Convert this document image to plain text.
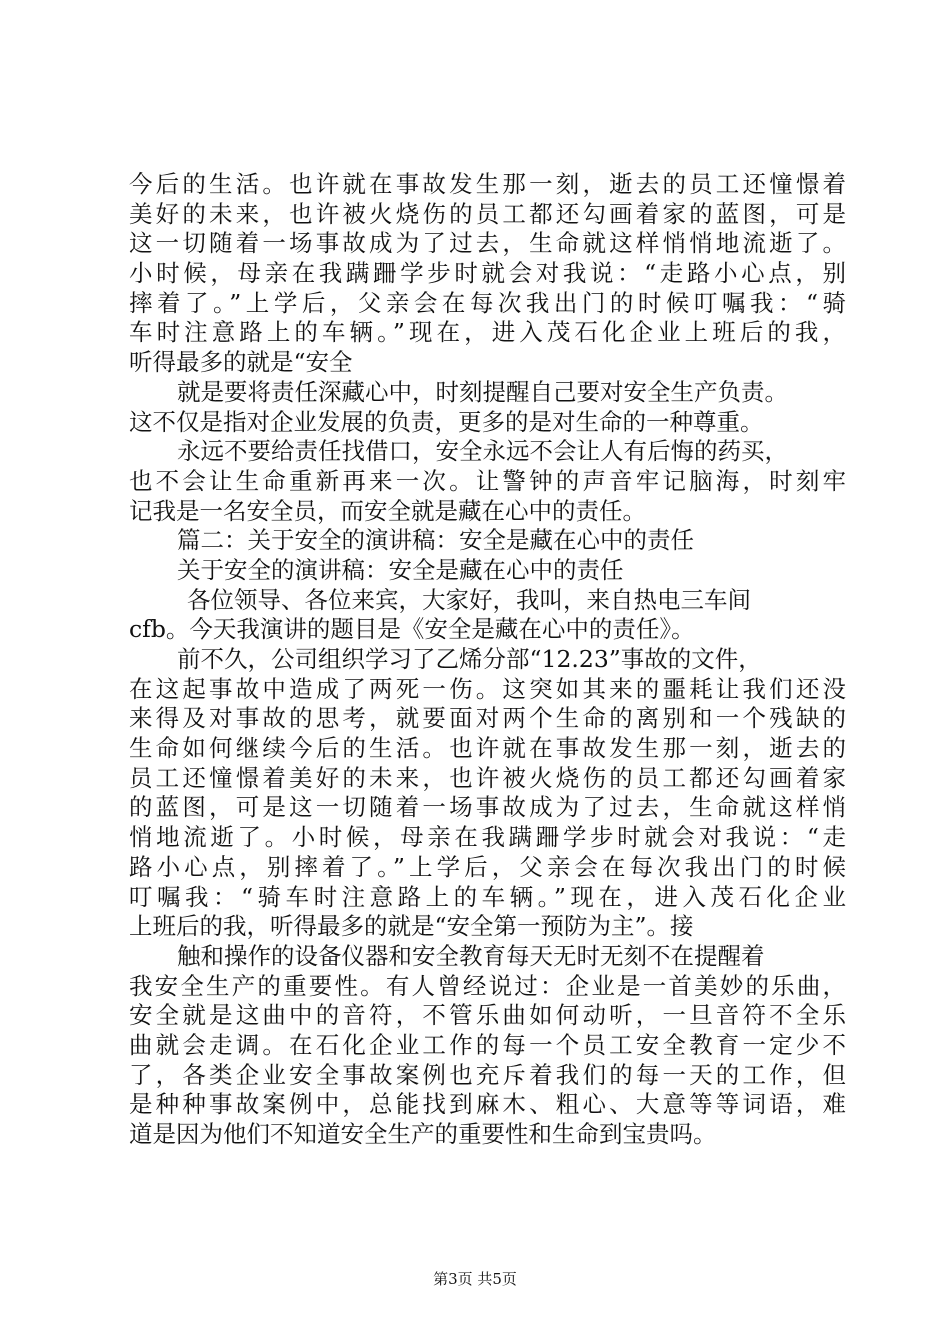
今后的生活。也许就在事故发生那一刻，逝去的员工还憧憬着
美好的未来，也许被火烧伤的员工都还勾画着家的蓝图，可是
这一切随着一场事故成为了过去，生命就这样悄悄地流逝了。
小时候，母亲在我蹒跚学步时就会对我说：“走路小心点，别
摔着了。”上学后，父亲会在每次我出门的时候叮嘱我：“骑
车时注意路上的车辆。”现在，进入茂石化企业上班后的我，
听得最多的就是“安全
就是要将责任深藏心中，时刻提醒自己要对安全生产负责。
这不仅是指对企业发展的负责，更多的是对生命的一种尊重。
永远不要给责任找借口，安全永远不会让人有后悔的药买，
也不会让生命重新再来一次。让警钟的声音牢记脑海，时刻牢
记我是一名安全员，而安全就是藏在心中的责任。
篇二：关于安全的演讲稿：安全是藏在心中的责任
关于安全的演讲稿：安全是藏在心中的责任
各位领导、各位来宾，大家好，我叫，来自热电三车间
cfb。今天我演讲的题目是《安全是藏在心中的责任》。
前不久，公司组织学习了乙烯分部“12.23”事故的文件，
在这起事故中造成了两死一伤。这突如其来的噩耗让我们还没
来得及对事故的思考，就要面对两个生命的离别和一个残缺的
生命如何继续今后的生活。也许就在事故发生那一刻，逝去的
员工还憧憬着美好的未来，也许被火烧伤的员工都还勾画着家
的蓝图，可是这一切随着一场事故成为了过去，生命就这样悄
悄地流逝了。小时候，母亲在我蹒跚学步时就会对我说：“走
路小心点，别摔着了。”上学后，父亲会在每次我出门的时候
叮嘱我：“骑车时注意路上的车辆。”现在，进入茂石化企业
上班后的我，听得最多的就是“安全第一预防为主”。接
触和操作的设备仪器和安全教育每天无时无刻不在提醒着
我安全生产的重要性。有人曾经说过：企业是一首美妙的乐曲，
安全就是这曲中的音符，不管乐曲如何动听，一旦音符不全乐
曲就会走调。在石化企业工作的每一个员工安全教育一定少不
了，各类企业安全事故案例也充斥着我们的每一天的工作，但
是种种事故案例中，总能找到麻木、粗心、大意等等词语，难
道是因为他们不知道安全生产的重要性和生命到宝贵吗。
第3页 共5页
